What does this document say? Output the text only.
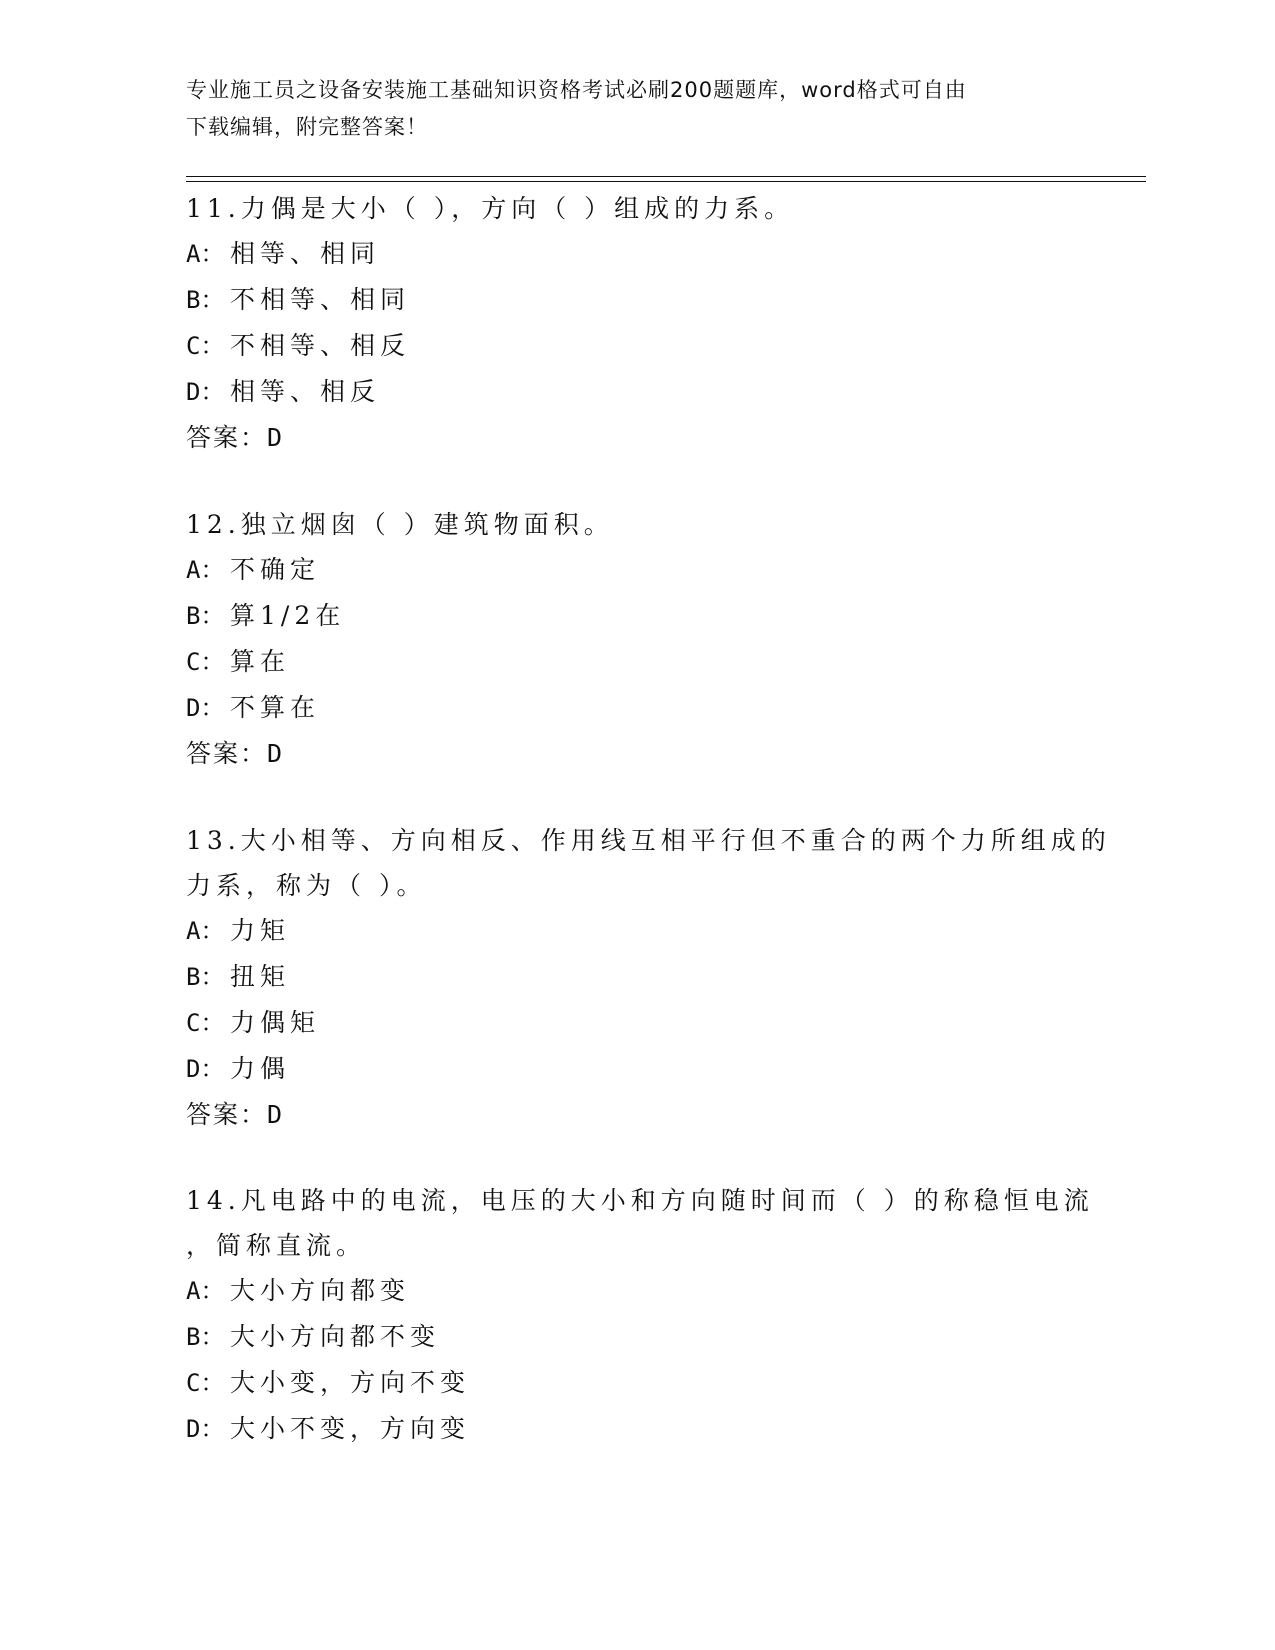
专业施工员之设备安装施工基础知识资格考试必刷200题题库，word格式可自由
下载编辑，附完整答案！
11.力偶是大小（ ），方向（ ）组成的力系。
A： 相等、相同
B： 不相等、相同
C： 不相等、相反
D： 相等、相反
答案：D
12.独立烟囱（ ）建筑物面积。
A： 不确定
B： 算1/2在
C： 算在
D： 不算在
答案：D
13.大小相等、方向相反、作用线互相平行但不重合的两个力所组成的
力系，称为（ ）。
A： 力矩
B： 扭矩
C： 力偶矩
D： 力偶
答案：D
14.凡电路中的电流，电压的大小和方向随时间而（ ）的称稳恒电流
，简称直流。
A： 大小方向都变
B： 大小方向都不变
C： 大小变，方向不变
D： 大小不变，方向变
